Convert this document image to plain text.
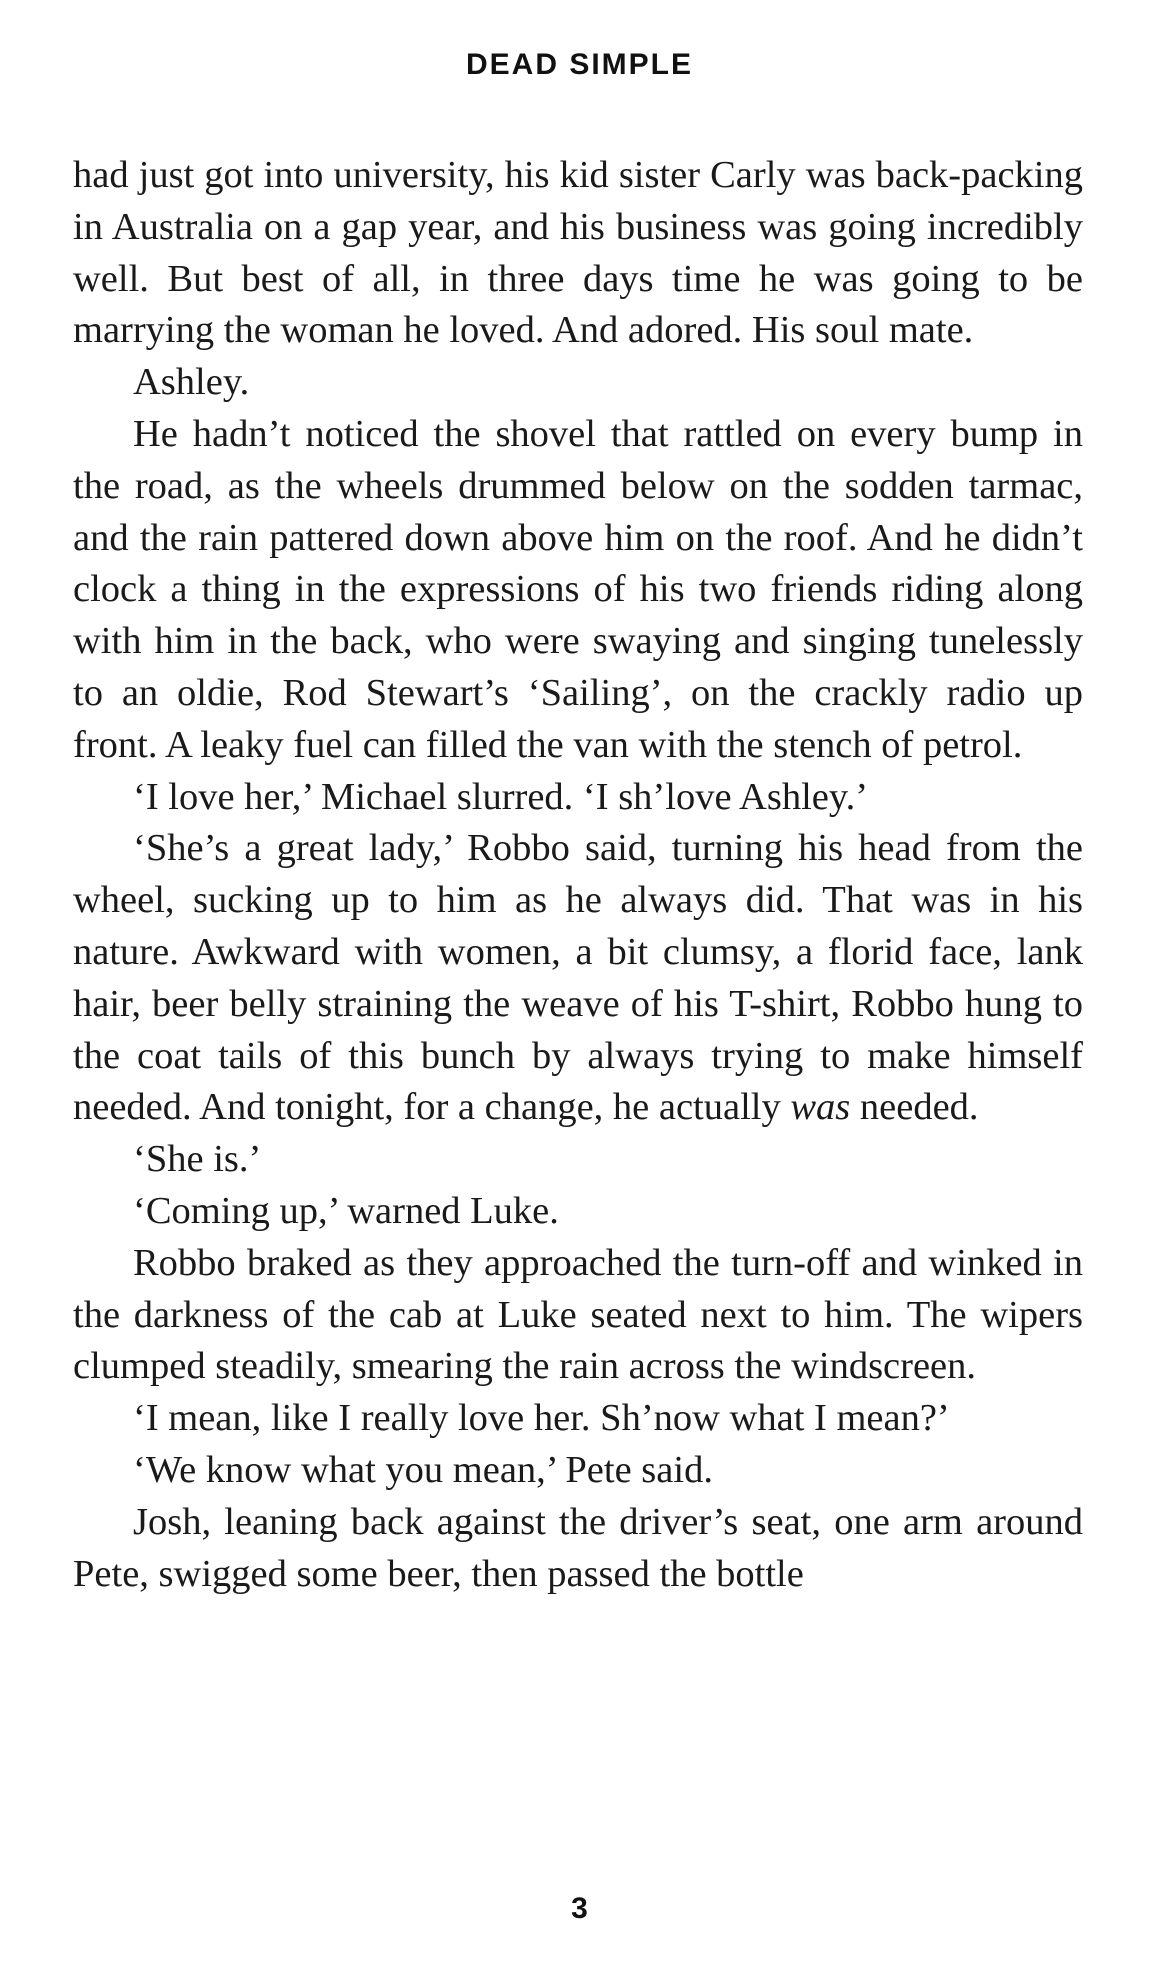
DEAD SIMPLE

had just got into university, his kid sister Carly was back-packing in Australia on a gap year, and his business was going incredibly well. But best of all, in three days time he was going to be marrying the woman he loved. And adored. His soul mate.

Ashley.

He hadn’t noticed the shovel that rattled on every bump in the road, as the wheels drummed below on the sodden tarmac, and the rain pattered down above him on the roof. And he didn’t clock a thing in the expressions of his two friends riding along with him in the back, who were swaying and singing tunelessly to an oldie, Rod Stewart’s ‘Sailing’, on the crackly radio up front. A leaky fuel can filled the van with the stench of petrol.

‘I love her,’ Michael slurred. ‘I sh’love Ashley.’

‘She’s a great lady,’ Robbo said, turning his head from the wheel, sucking up to him as he always did. That was in his nature. Awkward with women, a bit clumsy, a florid face, lank hair, beer belly straining the weave of his T-shirt, Robbo hung to the coat tails of this bunch by always trying to make himself needed. And tonight, for a change, he actually was needed.

‘She is.’

‘Coming up,’ warned Luke.

Robbo braked as they approached the turn-off and winked in the darkness of the cab at Luke seated next to him. The wipers clumped steadily, smearing the rain across the windscreen.

‘I mean, like I really love her. Sh’now what I mean?’

‘We know what you mean,’ Pete said.

Josh, leaning back against the driver’s seat, one arm around Pete, swigged some beer, then passed the bottle

3
